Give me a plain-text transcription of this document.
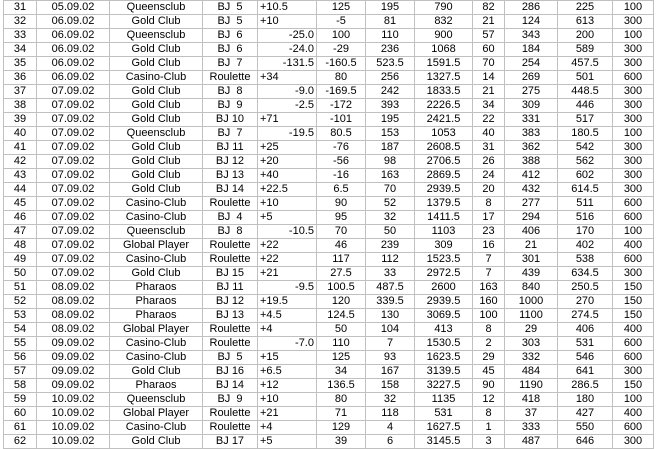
31	05.09.02	Queensclub	BJ  5	+10.5	125	195	790	82	286	225	100
32	06.09.02	Gold Club	BJ  5	+10	-5	81	832	21	124	613	300
33	06.09.02	Queensclub	BJ  6	-25.0	100	110	900	57	343	200	100
34	06.09.02	Gold Club	BJ  6	-24.0	-29	236	1068	60	184	589	300
35	06.09.02	Gold Club	BJ  7	-131.5	-160.5	523.5	1591.5	70	254	457.5	300
36	06.09.02	Casino-Club	Roulette	+34	80	256	1327.5	14	269	501	600
37	07.09.02	Gold Club	BJ  8	-9.0	-169.5	242	1833.5	21	275	448.5	300
38	07.09.02	Gold Club	BJ  9	-2.5	-172	393	2226.5	34	309	446	300
39	07.09.02	Gold Club	BJ 10	+71	-101	195	2421.5	22	331	517	300
40	07.09.02	Queensclub	BJ  7	-19.5	80.5	153	1053	40	383	180.5	100
41	07.09.02	Gold Club	BJ 11	+25	-76	187	2608.5	31	362	542	300
42	07.09.02	Gold Club	BJ 12	+20	-56	98	2706.5	26	388	562	300
43	07.09.02	Gold Club	BJ 13	+40	-16	163	2869.5	24	412	602	300
44	07.09.02	Gold Club	BJ 14	+22.5	6.5	70	2939.5	20	432	614.5	300
45	07.09.02	Casino-Club	Roulette	+10	90	52	1379.5	8	277	511	600
46	07.09.02	Casino-Club	BJ  4	+5	95	32	1411.5	17	294	516	600
47	07.09.02	Queensclub	BJ  8	-10.5	70	50	1103	23	406	170	100
48	07.09.02	Global Player	Roulette	+22	46	239	309	16	21	402	400
49	07.09.02	Casino-Club	Roulette	+22	117	112	1523.5	7	301	538	600
50	07.09.02	Gold Club	BJ 15	+21	27.5	33	2972.5	7	439	634.5	300
51	08.09.02	Pharaos	BJ 11	-9.5	100.5	487.5	2600	163	840	250.5	150
52	08.09.02	Pharaos	BJ 12	+19.5	120	339.5	2939.5	160	1000	270	150
53	08.09.02	Pharaos	BJ 13	+4.5	124.5	130	3069.5	100	1100	274.5	150
54	08.09.02	Global Player	Roulette	+4	50	104	413	8	29	406	400
55	09.09.02	Casino-Club	Roulette	-7.0	110	7	1530.5	2	303	531	600
56	09.09.02	Casino-Club	BJ  5	+15	125	93	1623.5	29	332	546	600
57	09.09.02	Gold Club	BJ 16	+6.5	34	167	3139.5	45	484	641	300
58	09.09.02	Pharaos	BJ 14	+12	136.5	158	3227.5	90	1190	286.5	150
59	10.09.02	Queensclub	BJ  9	+10	80	32	1135	12	418	180	100
60	10.09.02	Global Player	Roulette	+21	71	118	531	8	37	427	400
61	10.09.02	Casino-Club	Roulette	+4	129	4	1627.5	1	333	550	600
62	10.09.02	Gold Club	BJ 17	+5	39	6	3145.5	3	487	646	300
